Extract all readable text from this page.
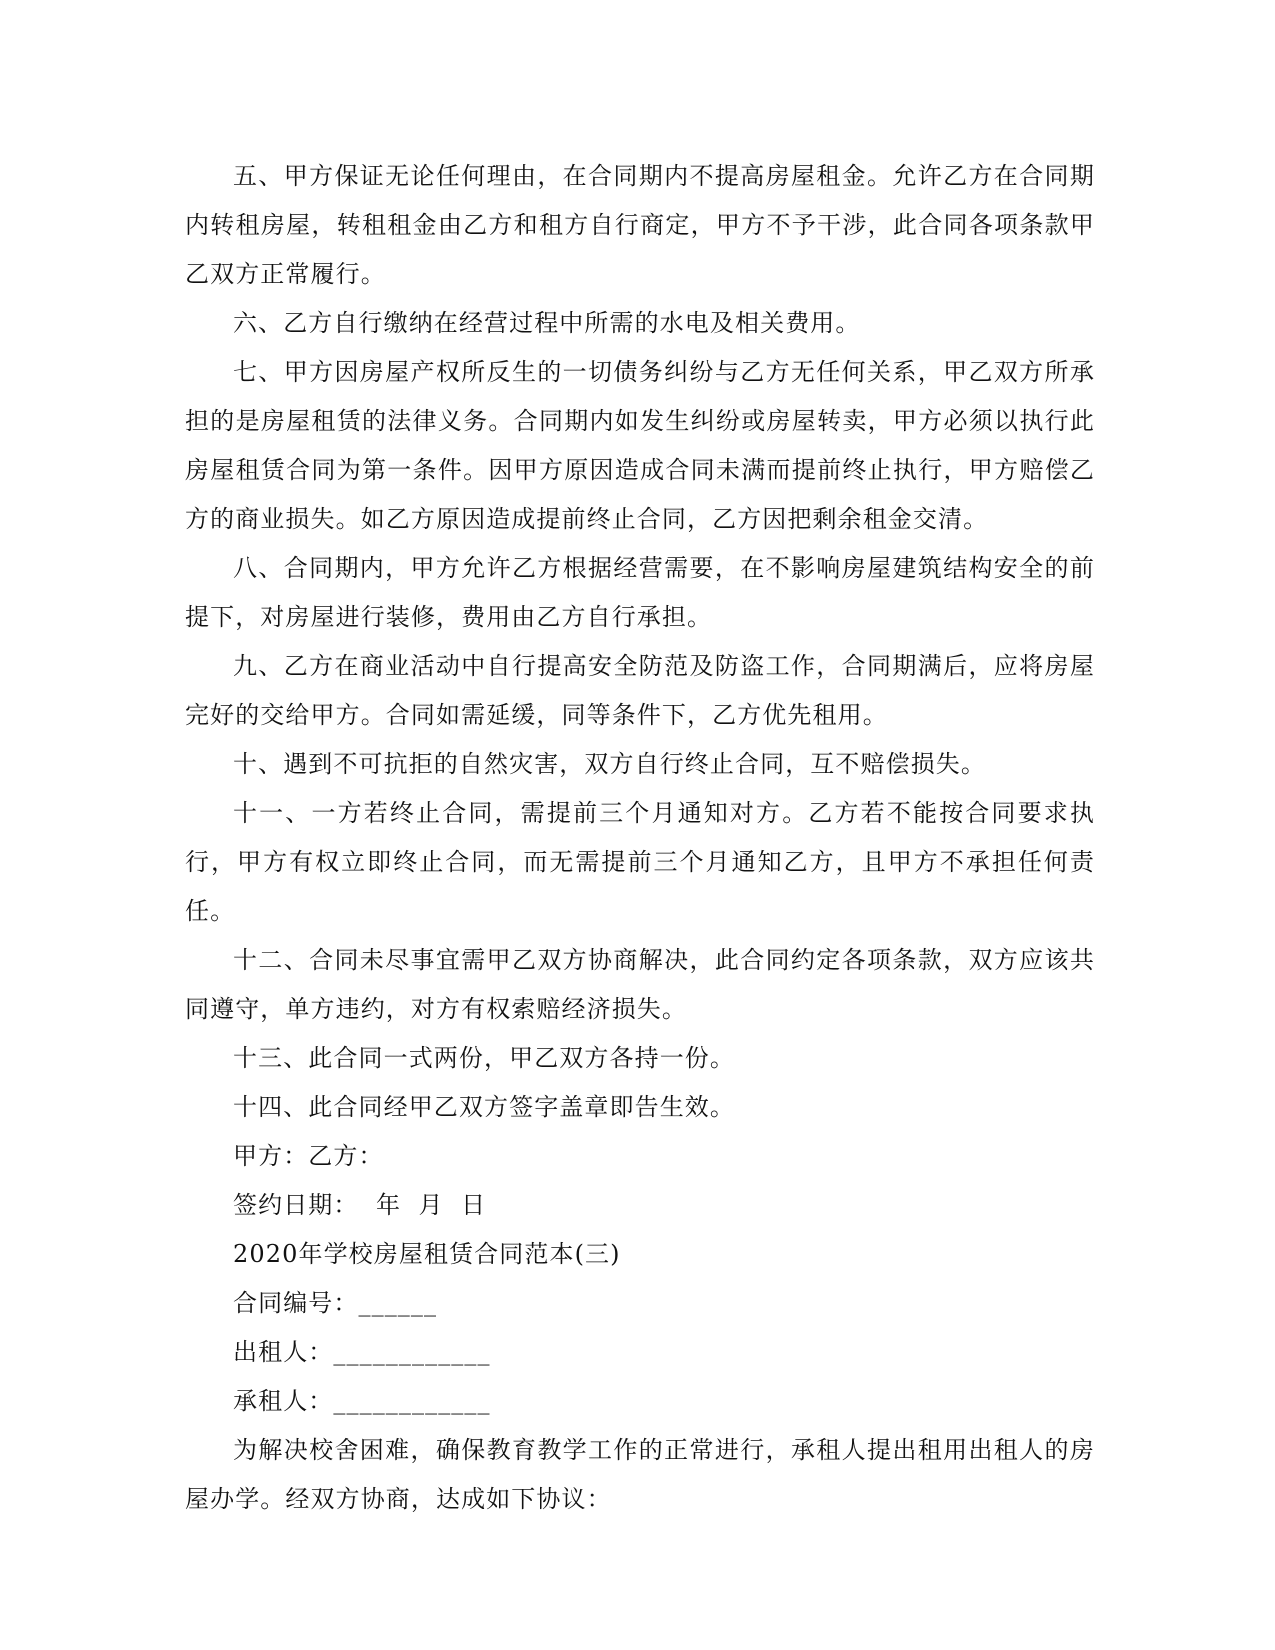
五、甲方保证无论任何理由，在合同期内不提高房屋租金。允许乙方在合同期内转租房屋，转租租金由乙方和租方自行商定，甲方不予干涉，此合同各项条款甲乙双方正常履行。

六、乙方自行缴纳在经营过程中所需的水电及相关费用。

七、甲方因房屋产权所反生的一切债务纠纷与乙方无任何关系，甲乙双方所承担的是房屋租赁的法律义务。合同期内如发生纠纷或房屋转卖，甲方必须以执行此房屋租赁合同为第一条件。因甲方原因造成合同未满而提前终止执行，甲方赔偿乙方的商业损失。如乙方原因造成提前终止合同，乙方因把剩余租金交清。

八、合同期内，甲方允许乙方根据经营需要，在不影响房屋建筑结构安全的前提下，对房屋进行装修，费用由乙方自行承担。

九、乙方在商业活动中自行提高安全防范及防盗工作，合同期满后，应将房屋完好的交给甲方。合同如需延缓，同等条件下，乙方优先租用。

十、遇到不可抗拒的自然灾害，双方自行终止合同，互不赔偿损失。

十一、一方若终止合同，需提前三个月通知对方。乙方若不能按合同要求执行，甲方有权立即终止合同，而无需提前三个月通知乙方，且甲方不承担任何责任。

十二、合同未尽事宜需甲乙双方协商解决，此合同约定各项条款，双方应该共同遵守，单方违约，对方有权索赔经济损失。

十三、此合同一式两份，甲乙双方各持一份。

十四、此合同经甲乙双方签字盖章即告生效。

甲方：乙方：

签约日期：  年  月  日

2020年学校房屋租赁合同范本(三)

合同编号：______

出租人：____________

承租人：____________

为解决校舍困难，确保教育教学工作的正常进行，承租人提出租用出租人的房屋办学。经双方协商，达成如下协议：
